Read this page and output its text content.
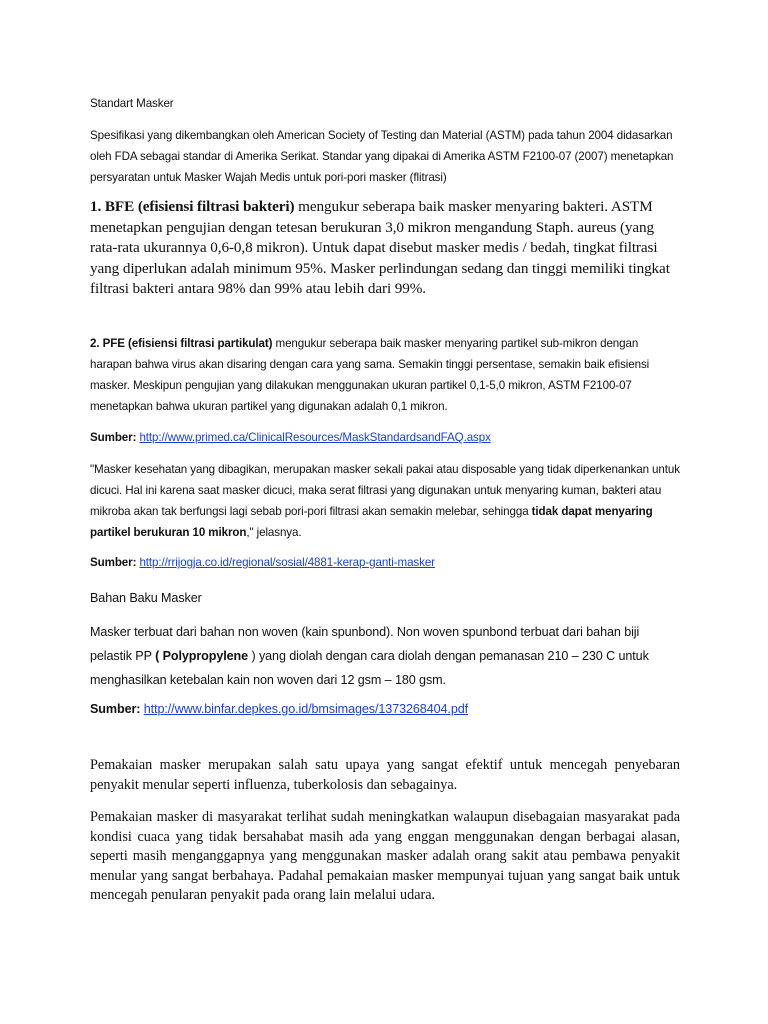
Standart Masker

Spesifikasi yang dikembangkan oleh American Society of Testing dan Material (ASTM) pada tahun 2004 didasarkan oleh FDA sebagai standar di Amerika Serikat. Standar yang dipakai di Amerika ASTM F2100-07 (2007) menetapkan persyaratan untuk Masker Wajah Medis untuk pori-pori masker (flitrasi)

1. BFE (efisiensi filtrasi bakteri) mengukur seberapa baik masker menyaring bakteri. ASTM menetapkan pengujian dengan tetesan berukuran 3,0 mikron mengandung Staph. aureus (yang rata-rata ukurannya 0,6-0,8 mikron). Untuk dapat disebut masker medis / bedah, tingkat filtrasi yang diperlukan adalah minimum 95%. Masker perlindungan sedang dan tinggi memiliki tingkat filtrasi bakteri antara 98% dan 99% atau lebih dari 99%.

2. PFE (efisiensi filtrasi partikulat) mengukur seberapa baik masker menyaring partikel sub-mikron dengan harapan bahwa virus akan disaring dengan cara yang sama. Semakin tinggi persentase, semakin baik efisiensi masker. Meskipun pengujian yang dilakukan menggunakan ukuran partikel 0,1-5,0 mikron, ASTM F2100-07 menetapkan bahwa ukuran partikel yang digunakan adalah 0,1 mikron.

Sumber: http://www.primed.ca/ClinicalResources/MaskStandardsandFAQ.aspx

"Masker kesehatan yang dibagikan, merupakan masker sekali pakai atau disposable yang tidak diperkenankan untuk dicuci. Hal ini karena saat masker dicuci, maka serat filtrasi yang digunakan untuk menyaring kuman, bakteri atau mikroba akan tak berfungsi lagi sebab pori-pori filtrasi akan semakin melebar, sehingga tidak dapat menyaring partikel berukuran 10 mikron," jelasnya.

Sumber: http://rrijogja.co.id/regional/sosial/4881-kerap-ganti-masker

Bahan Baku Masker

Masker terbuat dari bahan non woven (kain spunbond). Non woven spunbond terbuat dari bahan biji pelastik PP ( Polypropylene ) yang diolah dengan cara diolah dengan pemanasan 210 – 230 C untuk menghasilkan ketebalan kain non woven dari 12 gsm – 180 gsm.

Sumber: http://www.binfar.depkes.go.id/bmsimages/1373268404.pdf

Pemakaian masker merupakan salah satu upaya yang sangat efektif untuk mencegah penyebaran penyakit menular seperti influenza, tuberkolosis dan sebagainya.

Pemakaian masker di masyarakat terlihat sudah meningkatkan walaupun disebagaian masyarakat pada kondisi cuaca yang tidak bersahabat masih ada yang enggan menggunakan dengan berbagai alasan, seperti masih menganggapnya yang menggunakan masker adalah orang sakit atau pembawa penyakit menular yang sangat berbahaya. Padahal pemakaian masker mempunyai tujuan yang sangat baik untuk mencegah penularan penyakit pada orang lain melalui udara.
